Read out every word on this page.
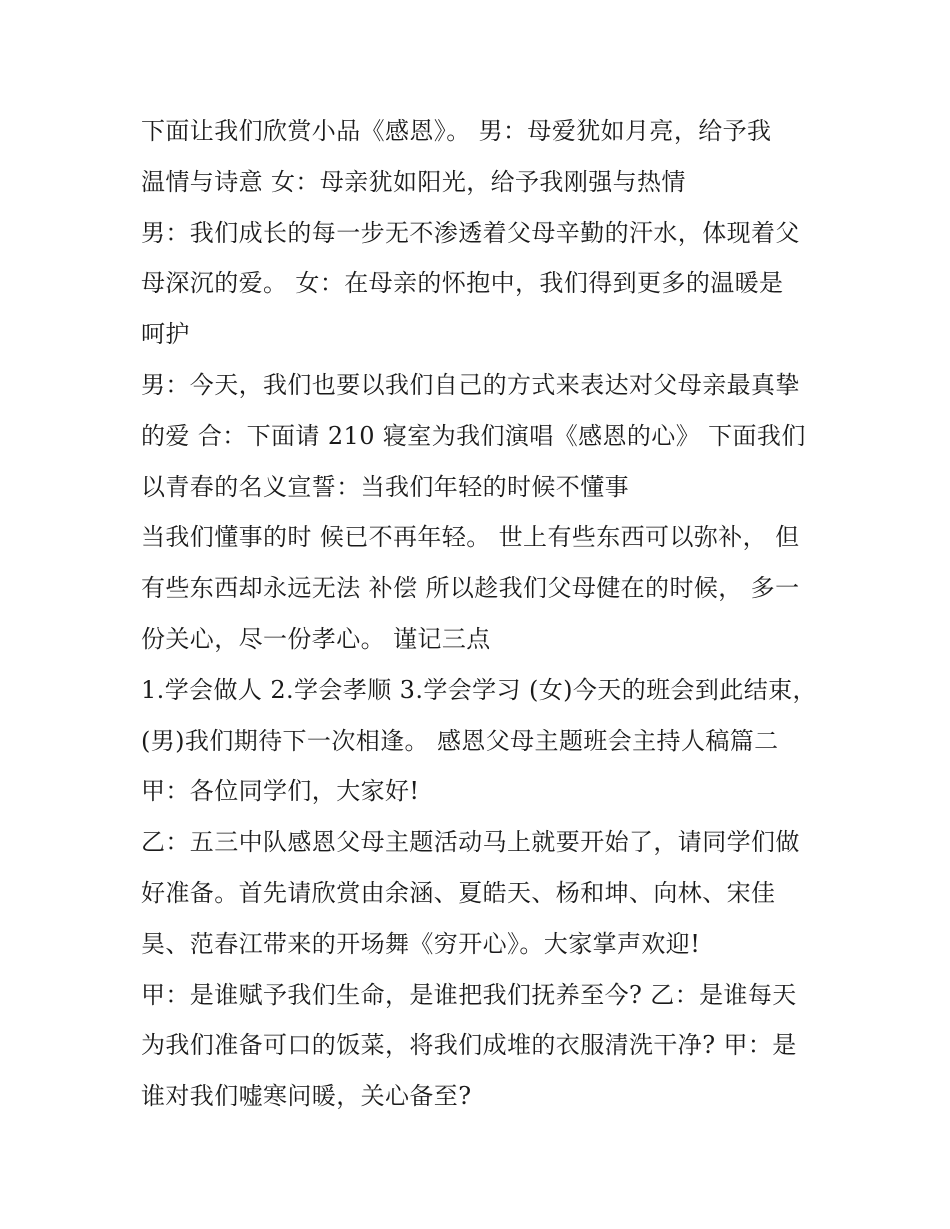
下面让我们欣赏小品《感恩》。 男：母爱犹如月亮，给予我
温情与诗意 女：母亲犹如阳光，给予我刚强与热情
男：我们成长的每一步无不渗透着父母辛勤的汗水，体现着父
母深沉的爱。 女：在母亲的怀抱中，我们得到更多的温暖是
呵护
男：今天，我们也要以我们自己的方式来表达对父母亲最真挚
的爱 合：下面请 210 寝室为我们演唱《感恩的心》 下面我们
以青春的名义宣誓：当我们年轻的时候不懂事
当我们懂事的时 候已不再年轻。 世上有些东西可以弥补， 但
有些东西却永远无法 补偿 所以趁我们父母健在的时候， 多一
份关心，尽一份孝心。 谨记三点
1.学会做人 2.学会孝顺 3.学会学习 (女)今天的班会到此结束，
(男)我们期待下一次相逢。 感恩父母主题班会主持人稿篇二
甲：各位同学们，大家好!
乙：五三中队感恩父母主题活动马上就要开始了，请同学们做
好准备。首先请欣赏由余涵、夏皓天、杨和坤、向林、宋佳
昊、范春江带来的开场舞《穷开心》。大家掌声欢迎!
甲：是谁赋予我们生命，是谁把我们抚养至今? 乙：是谁每天
为我们准备可口的饭菜，将我们成堆的衣服清洗干净? 甲：是
谁对我们嘘寒问暖，关心备至?
